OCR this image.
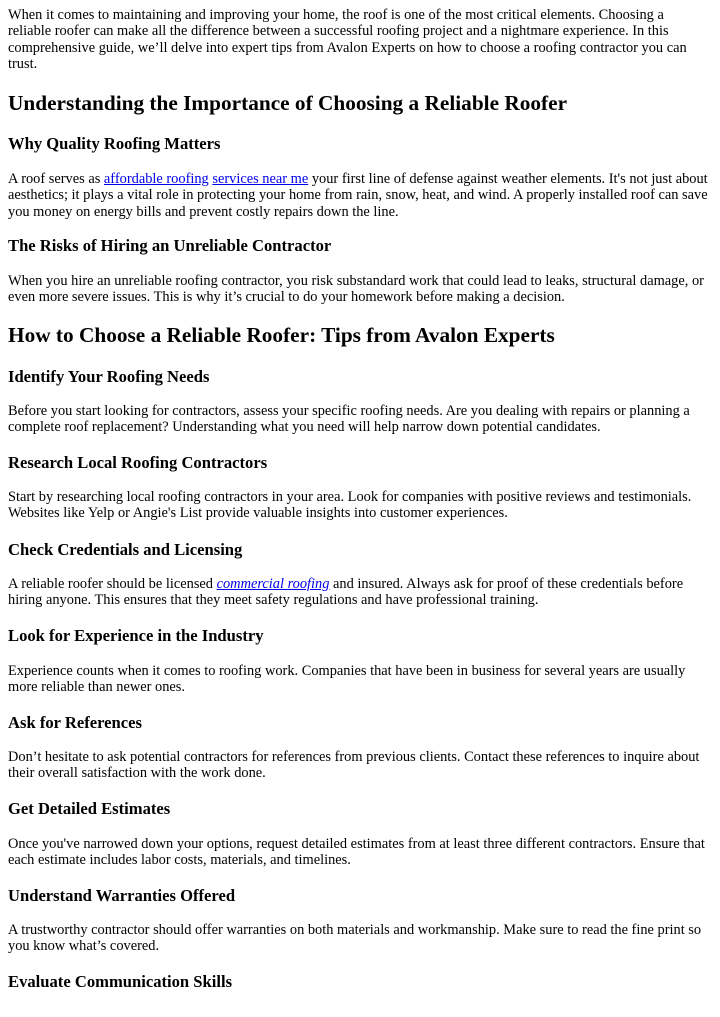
When it comes to maintaining and improving your home, the roof is one of the most critical elements. Choosing a reliable roofer can make all the difference between a successful roofing project and a nightmare experience. In this comprehensive guide, we’ll delve into expert tips from Avalon Experts on how to choose a roofing contractor you can trust.

Understanding the Importance of Choosing a Reliable Roofer
Why Quality Roofing Matters

A roof serves as affordable roofing services near me your first line of defense against weather elements. It's not just about aesthetics; it plays a vital role in protecting your home from rain, snow, heat, and wind. A properly installed roof can save you money on energy bills and prevent costly repairs down the line.

The Risks of Hiring an Unreliable Contractor

When you hire an unreliable roofing contractor, you risk substandard work that could lead to leaks, structural damage, or even more severe issues. This is why it’s crucial to do your homework before making a decision.

How to Choose a Reliable Roofer: Tips from Avalon Experts
Identify Your Roofing Needs

Before you start looking for contractors, assess your specific roofing needs. Are you dealing with repairs or planning a complete roof replacement? Understanding what you need will help narrow down potential candidates.

Research Local Roofing Contractors

Start by researching local roofing contractors in your area. Look for companies with positive reviews and testimonials. Websites like Yelp or Angie's List provide valuable insights into customer experiences.

Check Credentials and Licensing

A reliable roofer should be licensed commercial roofing and insured. Always ask for proof of these credentials before hiring anyone. This ensures that they meet safety regulations and have professional training.

Look for Experience in the Industry

Experience counts when it comes to roofing work. Companies that have been in business for several years are usually more reliable than newer ones.

Ask for References

Don’t hesitate to ask potential contractors for references from previous clients. Contact these references to inquire about their overall satisfaction with the work done.

Get Detailed Estimates

Once you've narrowed down your options, request detailed estimates from at least three different contractors. Ensure that each estimate includes labor costs, materials, and timelines.

Understand Warranties Offered

A trustworthy contractor should offer warranties on both materials and workmanship. Make sure to read the fine print so you know what’s covered.

Evaluate Communication Skills
